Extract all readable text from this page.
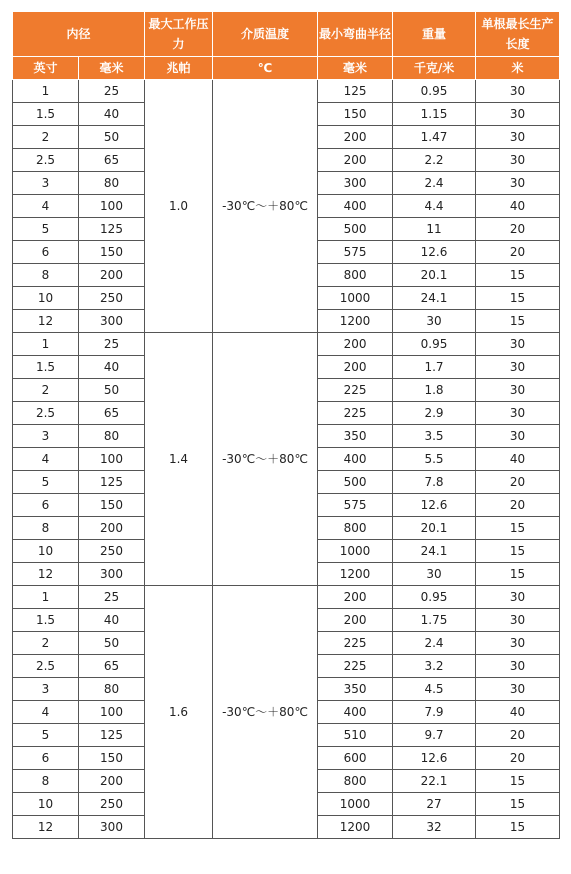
内径		最大工作压力	介质温度	最小弯曲半径	重量	单根最长生产长度
英寸	毫米	兆帕	℃	毫米	千克/米	米
1	25	1.0	-30℃～＋80℃	125	0.95	30
1.5	40			150	1.15	30
2	50			200	1.47	30
2.5	65			200	2.2	30
3	80			300	2.4	30
4	100			400	4.4	40
5	125			500	11	20
6	150			575	12.6	20
8	200			800	20.1	15
10	250			1000	24.1	15
12	300			1200	30	15
1	25	1.4	-30℃～＋80℃	200	0.95	30
1.5	40			200	1.7	30
2	50			225	1.8	30
2.5	65			225	2.9	30
3	80			350	3.5	30
4	100			400	5.5	40
5	125			500	7.8	20
6	150			575	12.6	20
8	200			800	20.1	15
10	250			1000	24.1	15
12	300			1200	30	15
1	25	1.6	-30℃～＋80℃	200	0.95	30
1.5	40			200	1.75	30
2	50			225	2.4	30
2.5	65			225	3.2	30
3	80			350	4.5	30
4	100			400	7.9	40
5	125			510	9.7	20
6	150			600	12.6	20
8	200			800	22.1	15
10	250			1000	27	15
12	300			1200	32	15
